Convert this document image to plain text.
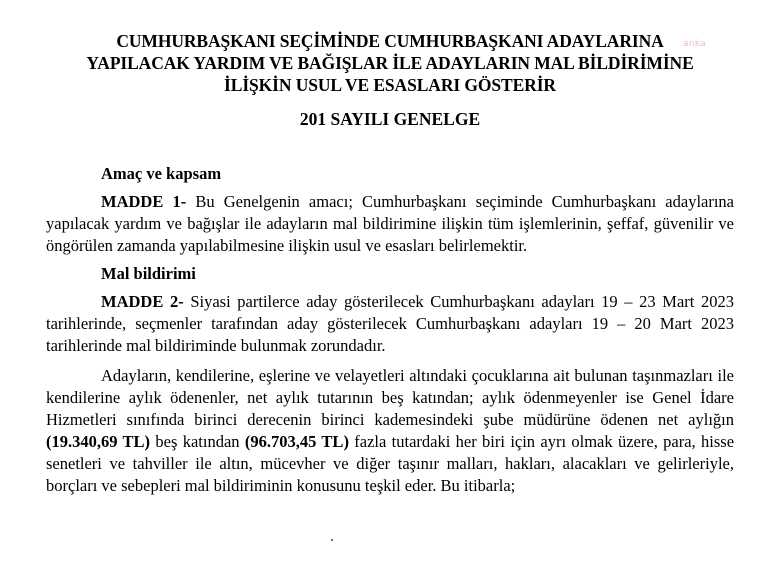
anka
CUMHURBAŞKANI SEÇİMİNDE CUMHURBAŞKANI ADAYLARINA
YAPILACAK YARDIM VE BAĞIŞLAR İLE ADAYLARIN MAL BİLDİRİMİNE
İLİŞKİN USUL VE ESASLARI GÖSTERİR
201 SAYILI GENELGE
Amaç ve kapsam

MADDE 1- Bu Genelgenin amacı; Cumhurbaşkanı seçiminde Cumhurbaşkanı adaylarına yapılacak yardım ve bağışlar ile adayların mal bildirimine ilişkin tüm işlemlerinin, şeffaf, güvenilir ve öngörülen zamanda yapılabilmesine ilişkin usul ve esasları belirlemektir.

Mal bildirimi

MADDE 2- Siyasi partilerce aday gösterilecek Cumhurbaşkanı adayları 19 – 23 Mart 2023 tarihlerinde, seçmenler tarafından aday gösterilecek Cumhurbaşkanı adayları 19 – 20 Mart 2023 tarihlerinde mal bildiriminde bulunmak zorundadır.

Adayların, kendilerine, eşlerine ve velayetleri altındaki çocuklarına ait bulunan taşınmazları ile kendilerine aylık ödenenler, net aylık tutarının beş katından; aylık ödenmeyenler ise Genel İdare Hizmetleri sınıfında birinci derecenin birinci kademesindeki şube müdürüne ödenen net aylığın (19.340,69 TL) beş katından (96.703,45 TL) fazla tutardaki her biri için ayrı olmak üzere, para, hisse senetleri ve tahviller ile altın, mücevher ve diğer taşınır malları, hakları, alacakları ve gelirleriyle, borçları ve sebepleri mal bildiriminin konusunu teşkil eder. Bu itibarla;
